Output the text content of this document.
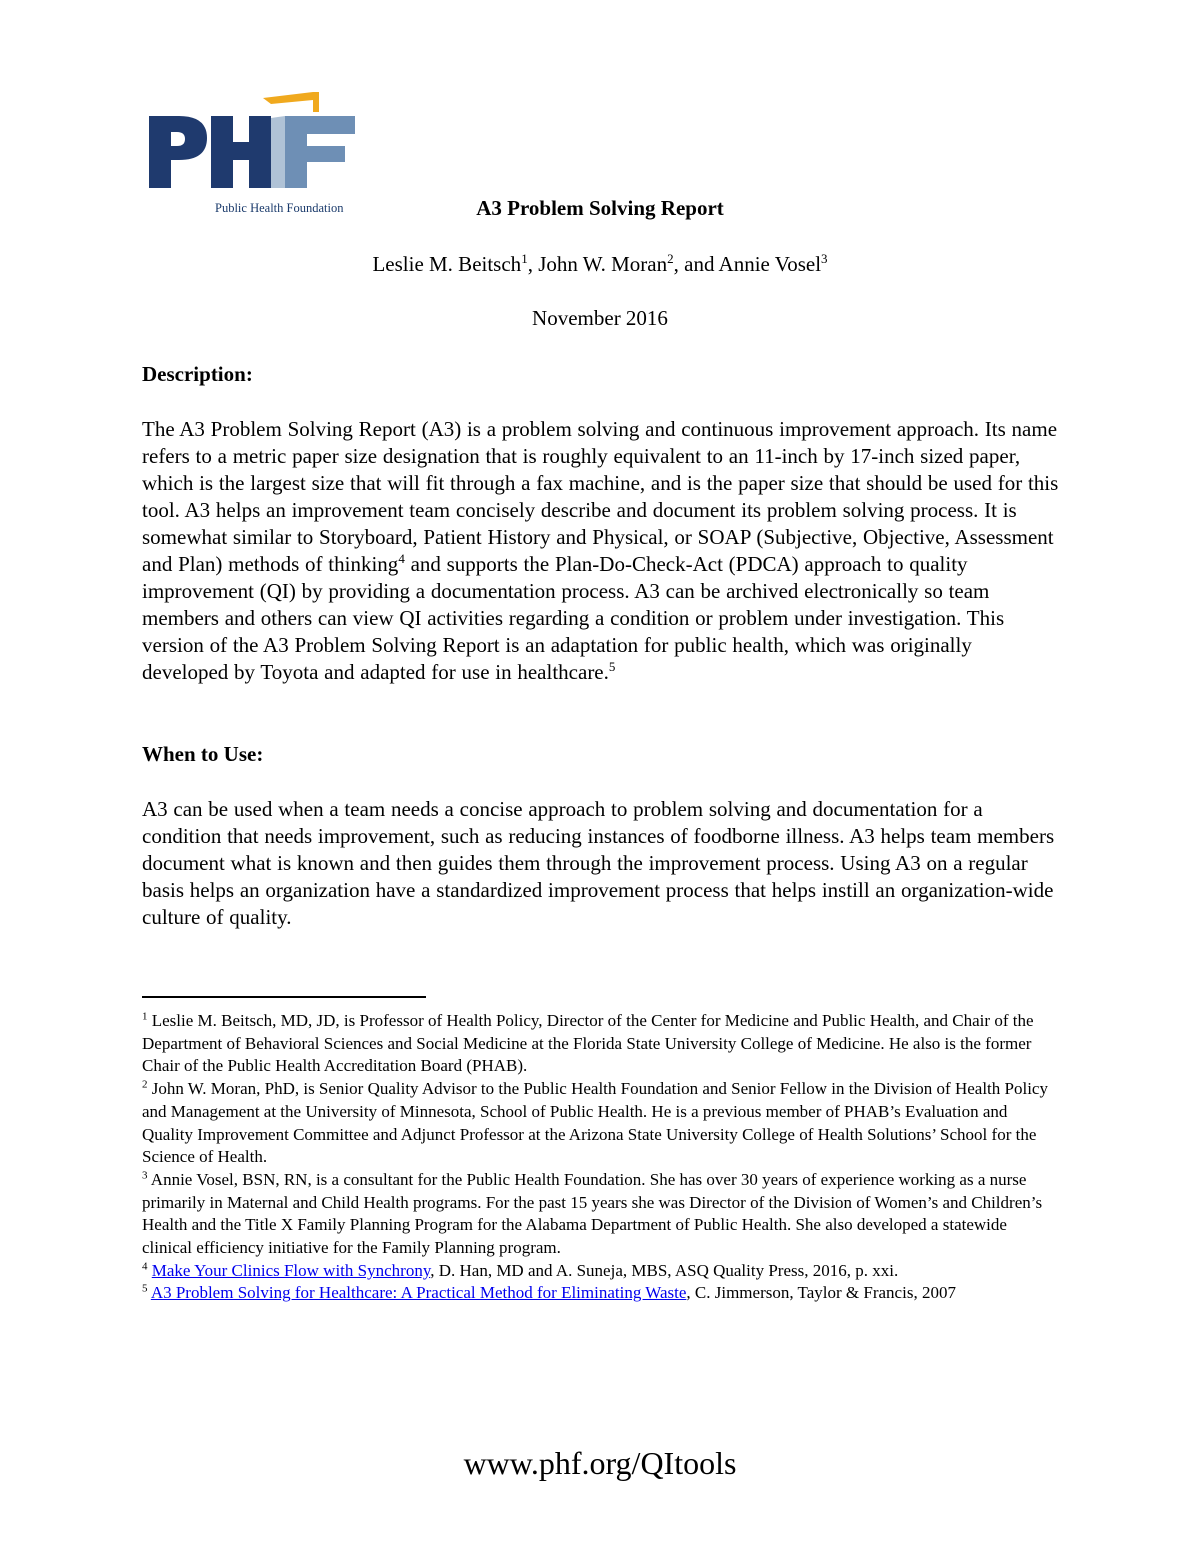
Public Health Foundation	A3 Problem Solving Report
Leslie M. Beitsch$^1$, John W. Moran$^2$, and Annie Vosel$^3$
November 2016
Description:
The A3 Problem Solving Report (A3) is a problem solving and continuous improvement approach. Its name refers to a metric paper size designation that is roughly equivalent to an 11-inch by 17-inch sized paper, which is the largest size that will fit through a fax machine, and is the paper size that should be used for this tool. A3 helps an improvement team concisely describe and document its problem solving process. It is somewhat similar to Storyboard, Patient History and Physical, or SOAP (Subjective, Objective, Assessment and Plan) methods of thinking$^4$ and supports the Plan-Do-Check-Act (PDCA) approach to quality improvement (QI) by providing a documentation process. A3 can be archived electronically so team members and others can view QI activities regarding a condition or problem under investigation. This version of the A3 Problem Solving Report is an adaptation for public health, which was originally developed by Toyota and adapted for use in healthcare.$^5$
When to Use:
A3 can be used when a team needs a concise approach to problem solving and documentation for a condition that needs improvement, such as reducing instances of foodborne illness. A3 helps team members document what is known and then guides them through the improvement process. Using A3 on a regular basis helps an organization have a standardized improvement process that helps instill an organization-wide culture of quality.

$^1$ Leslie M. Beitsch, MD, JD, is Professor of Health Policy, Director of the Center for Medicine and Public Health, and Chair of the Department of Behavioral Sciences and Social Medicine at the Florida State University College of Medicine. He also is the former Chair of the Public Health Accreditation Board (PHAB).

$^2$ John W. Moran, PhD, is Senior Quality Advisor to the Public Health Foundation and Senior Fellow in the Division of Health Policy and Management at the University of Minnesota, School of Public Health. He is a previous member of PHAB’s Evaluation and Quality Improvement Committee and Adjunct Professor at the Arizona State University College of Health Solutions’ School for the Science of Health.

$^3$ Annie Vosel, BSN, RN, is a consultant for the Public Health Foundation. She has over 30 years of experience working as a nurse primarily in Maternal and Child Health programs. For the past 15 years she was Director of the Division of Women’s and Children’s Health and the Title X Family Planning Program for the Alabama Department of Public Health. She also developed a statewide clinical efficiency initiative for the Family Planning program.

$^4$ Make Your Clinics Flow with Synchrony, D. Han, MD and A. Suneja, MBS, ASQ Quality Press, 2016, p. xxi.

$^5$ A3 Problem Solving for Healthcare: A Practical Method for Eliminating Waste, C. Jimmerson, Taylor & Francis, 2007

www.phf.org/QItools
